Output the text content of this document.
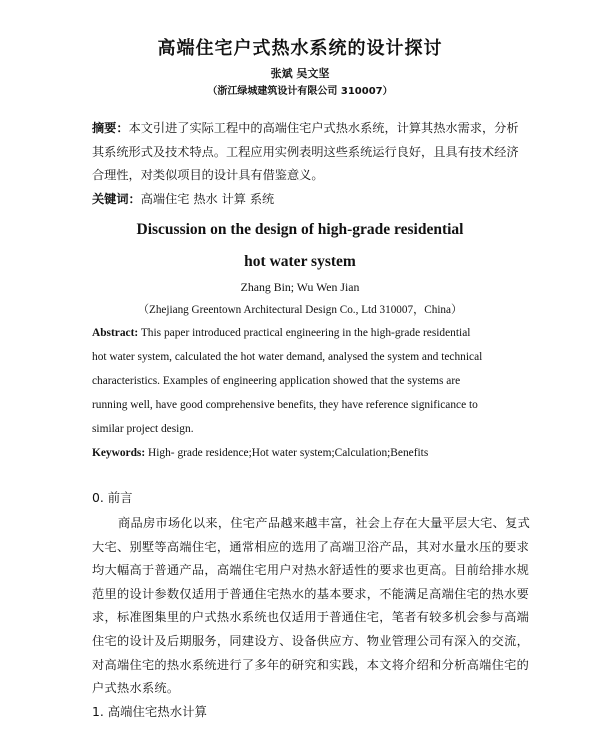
高端住宅户式热水系统的设计探讨
张斌 吴文坚
（浙江绿城建筑设计有限公司 310007）
摘要：本文引进了实际工程中的高端住宅户式热水系统，计算其热水需求，分析
其系统形式及技术特点。工程应用实例表明这些系统运行良好，且具有技术经济
合理性，对类似项目的设计具有借鉴意义。
关键词：高端住宅 热水 计算 系统
Discussion on the design of high-grade residential
hot water system
Zhang Bin; Wu Wen Jian
（Zhejiang Greentown Architectural Design Co., Ltd 310007，China）
Abstract: This paper introduced practical engineering in the high-grade residential
hot water system, calculated the hot water demand, analysed the system and technical
characteristics. Examples of engineering application showed that the systems are
running well, have good comprehensive benefits, they have reference significance to
similar project design.
Keywords: High- grade residence;Hot water system;Calculation;Benefits
0. 前言
商品房市场化以来，住宅产品越来越丰富，社会上存在大量平层大宅、复式
大宅、别墅等高端住宅，通常相应的选用了高端卫浴产品，其对水量水压的要求
均大幅高于普通产品，高端住宅用户对热水舒适性的要求也更高。目前给排水规
范里的设计参数仅适用于普通住宅热水的基本要求，不能满足高端住宅的热水要
求，标准图集里的户式热水系统也仅适用于普通住宅，笔者有较多机会参与高端
住宅的设计及后期服务，同建设方、设备供应方、物业管理公司有深入的交流，
对高端住宅的热水系统进行了多年的研究和实践，本文将介绍和分析高端住宅的
户式热水系统。
1. 高端住宅热水计算
